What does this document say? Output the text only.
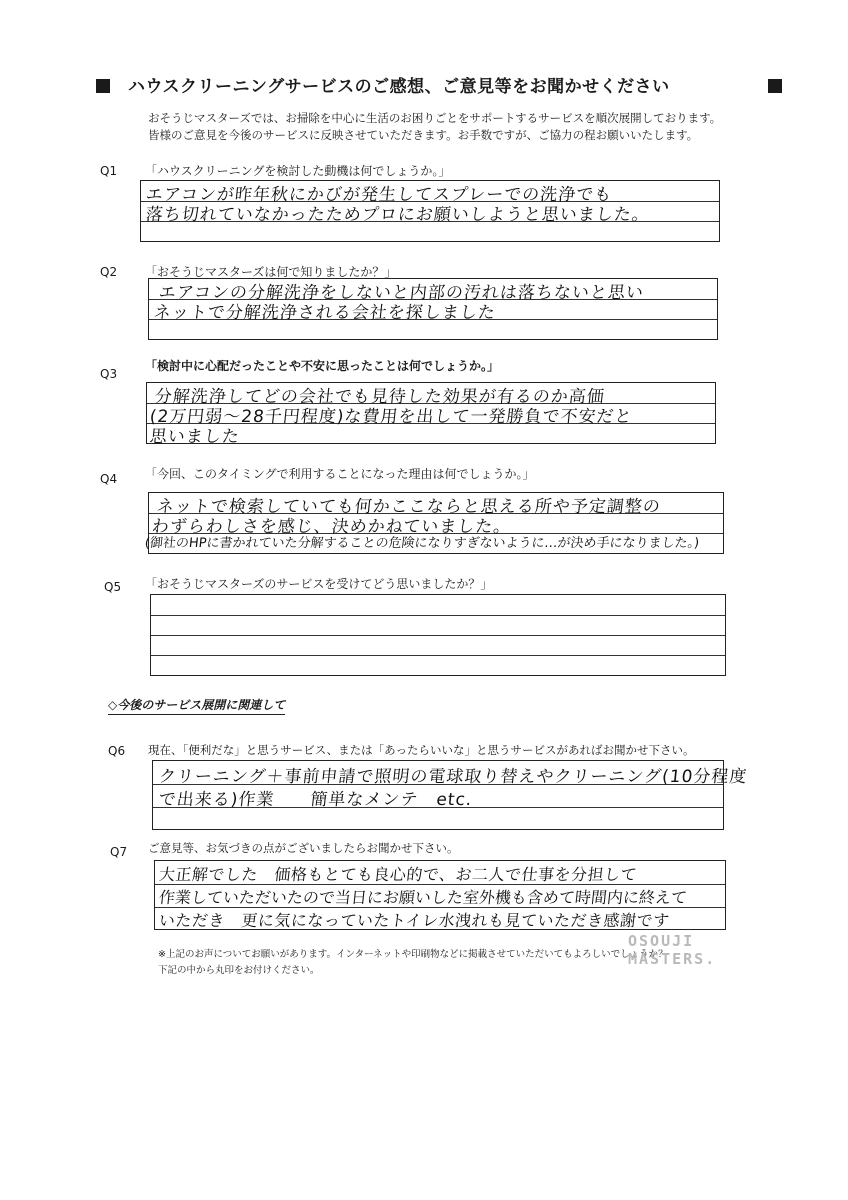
ハウスクリーニングサービスのご感想、ご意見等をお聞かせください
おそうじマスターズでは、お掃除を中心に生活のお困りごとをサポートするサービスを順次展開しております。
皆様のご意見を今後のサービスに反映させていただきます。お手数ですが、ご協力の程お願いいたします。
Q1 「ハウスクリーニングを検討した動機は何でしょうか。」
エアコンが昨年秋にかびが発生してスプレーでの洗浄でも
落ち切れていなかったためプロにお願いしようと思いました。
Q2 「おそうじマスターズは何で知りましたか？」
エアコンの分解洗浄をしないと内部の汚れは落ちないと思い
ネットで分解洗浄される会社を探しました
Q3
「検討中に心配だったことや不安に思ったことは何でしょうか。」
分解洗浄してどの会社でも見待した効果が有るのか高価
(2万円弱～28千円程度)な費用を出して一発勝負で不安だと
思いました
Q4 「今回、このタイミングで利用することになった理由は何でしょうか。」
ネットで検索していても何かここならと思える所や予定調整の
わずらわしさを感じ、決めかねていました。
(御社のHPに書かれていた分解することの危険になりすぎないように…が決め手になりました。)
Q5 「おそうじマスターズのサービスを受けてどう思いましたか？」
◇今後のサービス展開に関連して
Q6 現在、「便利だな」と思うサービス、または「あったらいいな」と思うサービスがあればお聞かせ下さい。
クリーニング＋事前申請で照明の電球取り替えやクリーニング(10分程度
で出来る)作業　　簡単なメンテ　etc.
Q7 ご意見等、お気づきの点がございましたらお聞かせ下さい。
大正解でした　価格もとても良心的で、お二人で仕事を分担して
作業していただいたので当日にお願いした室外機も含めて時間内に終えて
いただき　更に気になっていたトイレ水洩れも見ていただき感謝です
※上記のお声についてお願いがあります。インターネットや印刷物などに掲載させていただいてもよろしいでしょうか？
下記の中から丸印をお付けください。
OSOUJI
MASTERS.
